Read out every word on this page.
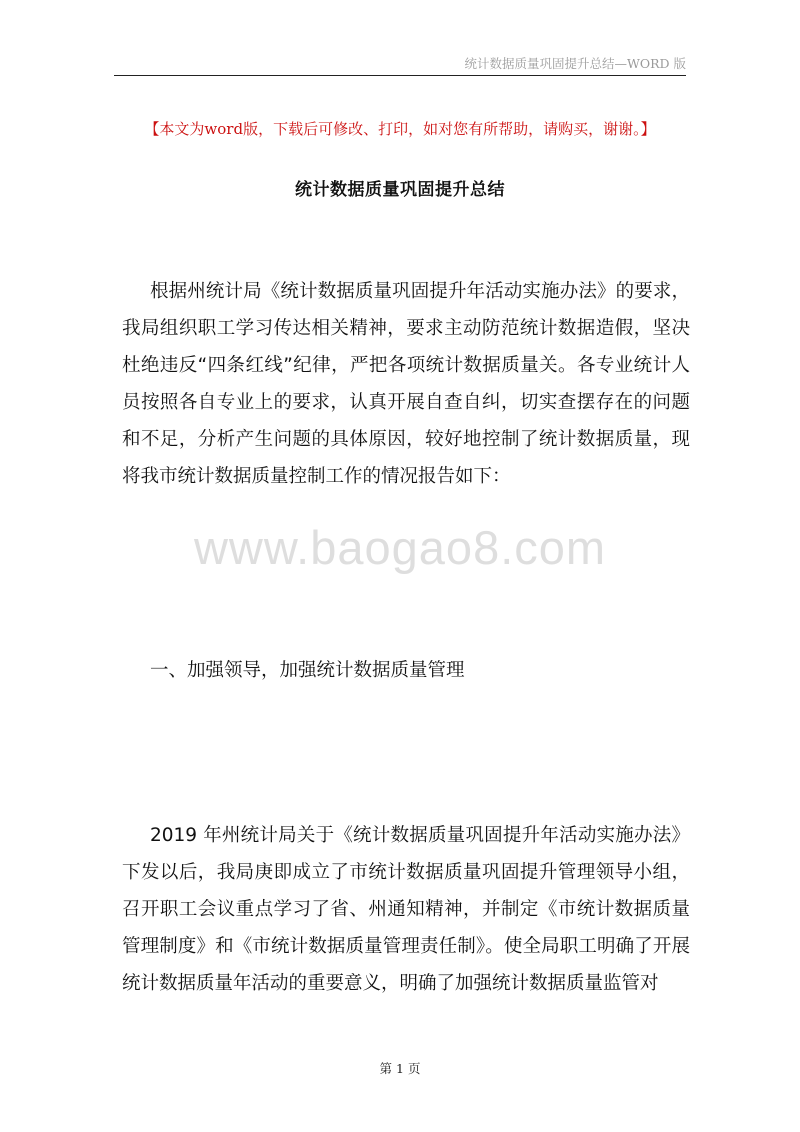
统计数据质量巩固提升总结—WORD 版
【本文为word版，下载后可修改、打印，如对您有所帮助，请购买，谢谢。】
统计数据质量巩固提升总结

根据州统计局《统计数据质量巩固提升年活动实施办法》的要求，我局组织职工学习传达相关精神，要求主动防范统计数据造假，坚决杜绝违反“四条红线”纪律，严把各项统计数据质量关。各专业统计人员按照各自专业上的要求，认真开展自查自纠，切实查摆存在的问题和不足，分析产生问题的具体原因，较好地控制了统计数据质量，现将我市统计数据质量控制工作的情况报告如下：

www.baogao8.com

一、加强领导，加强统计数据质量管理

2019 年州统计局关于《统计数据质量巩固提升年活动实施办法》下发以后，我局庚即成立了市统计数据质量巩固提升管理领导小组，召开职工会议重点学习了省、州通知精神，并制定《市统计数据质量管理制度》和《市统计数据质量管理责任制》。使全局职工明确了开展统计数据质量年活动的重要意义，明确了加强统计数据质量监管对

第 1 页
